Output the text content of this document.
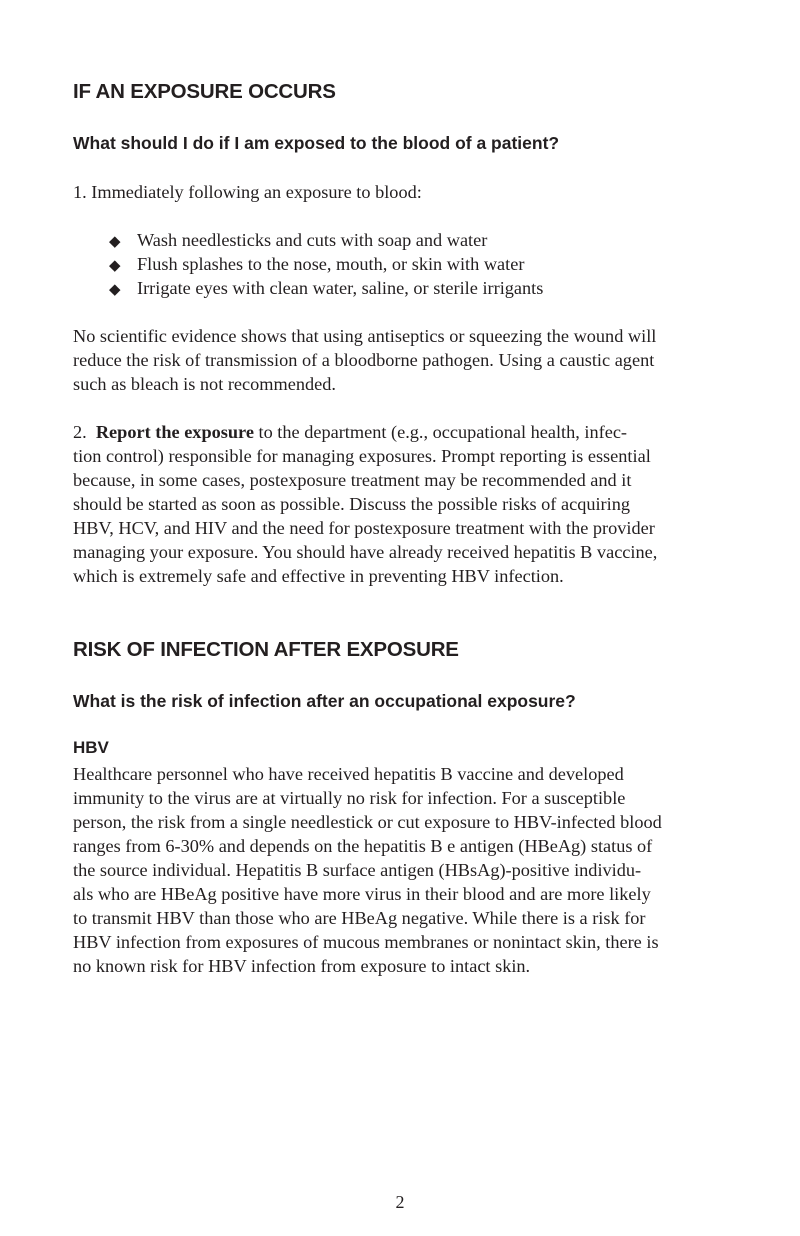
IF AN EXPOSURE OCCURS
What should I do if I am exposed to the blood of a patient?

1. Immediately following an exposure to blood:

◆ Wash needlesticks and cuts with soap and water

◆ Flush splashes to the nose, mouth, or skin with water

◆ Irrigate eyes with clean water, saline, or sterile irrigants

No scientific evidence shows that using antiseptics or squeezing the wound will

reduce the risk of transmission of a bloodborne pathogen. Using a caustic agent

such as bleach is not recommended.

2.  Report the exposure to the department (e.g., occupational health, infec-

tion control) responsible for managing exposures. Prompt reporting is essential

because, in some cases, postexposure treatment may be recommended and it

should be started as soon as possible. Discuss the possible risks of acquiring

HBV, HCV, and HIV and the need for postexposure treatment with the provider

managing your exposure. You should have already received hepatitis B vaccine,

which is extremely safe and effective in preventing HBV infection.

RISK OF INFECTION AFTER EXPOSURE
What is the risk of infection after an occupational exposure?
HBV

Healthcare personnel who have received hepatitis B vaccine and developed

immunity to the virus are at virtually no risk for infection. For a susceptible

person, the risk from a single needlestick or cut exposure to HBV-infected blood

ranges from 6-30% and depends on the hepatitis B e antigen (HBeAg) status of

the source individual. Hepatitis B surface antigen (HBsAg)-positive individu-

als who are HBeAg positive have more virus in their blood and are more likely

to transmit HBV than those who are HBeAg negative. While there is a risk for

HBV infection from exposures of mucous membranes or nonintact skin, there is

no known risk for HBV infection from exposure to intact skin.

2
